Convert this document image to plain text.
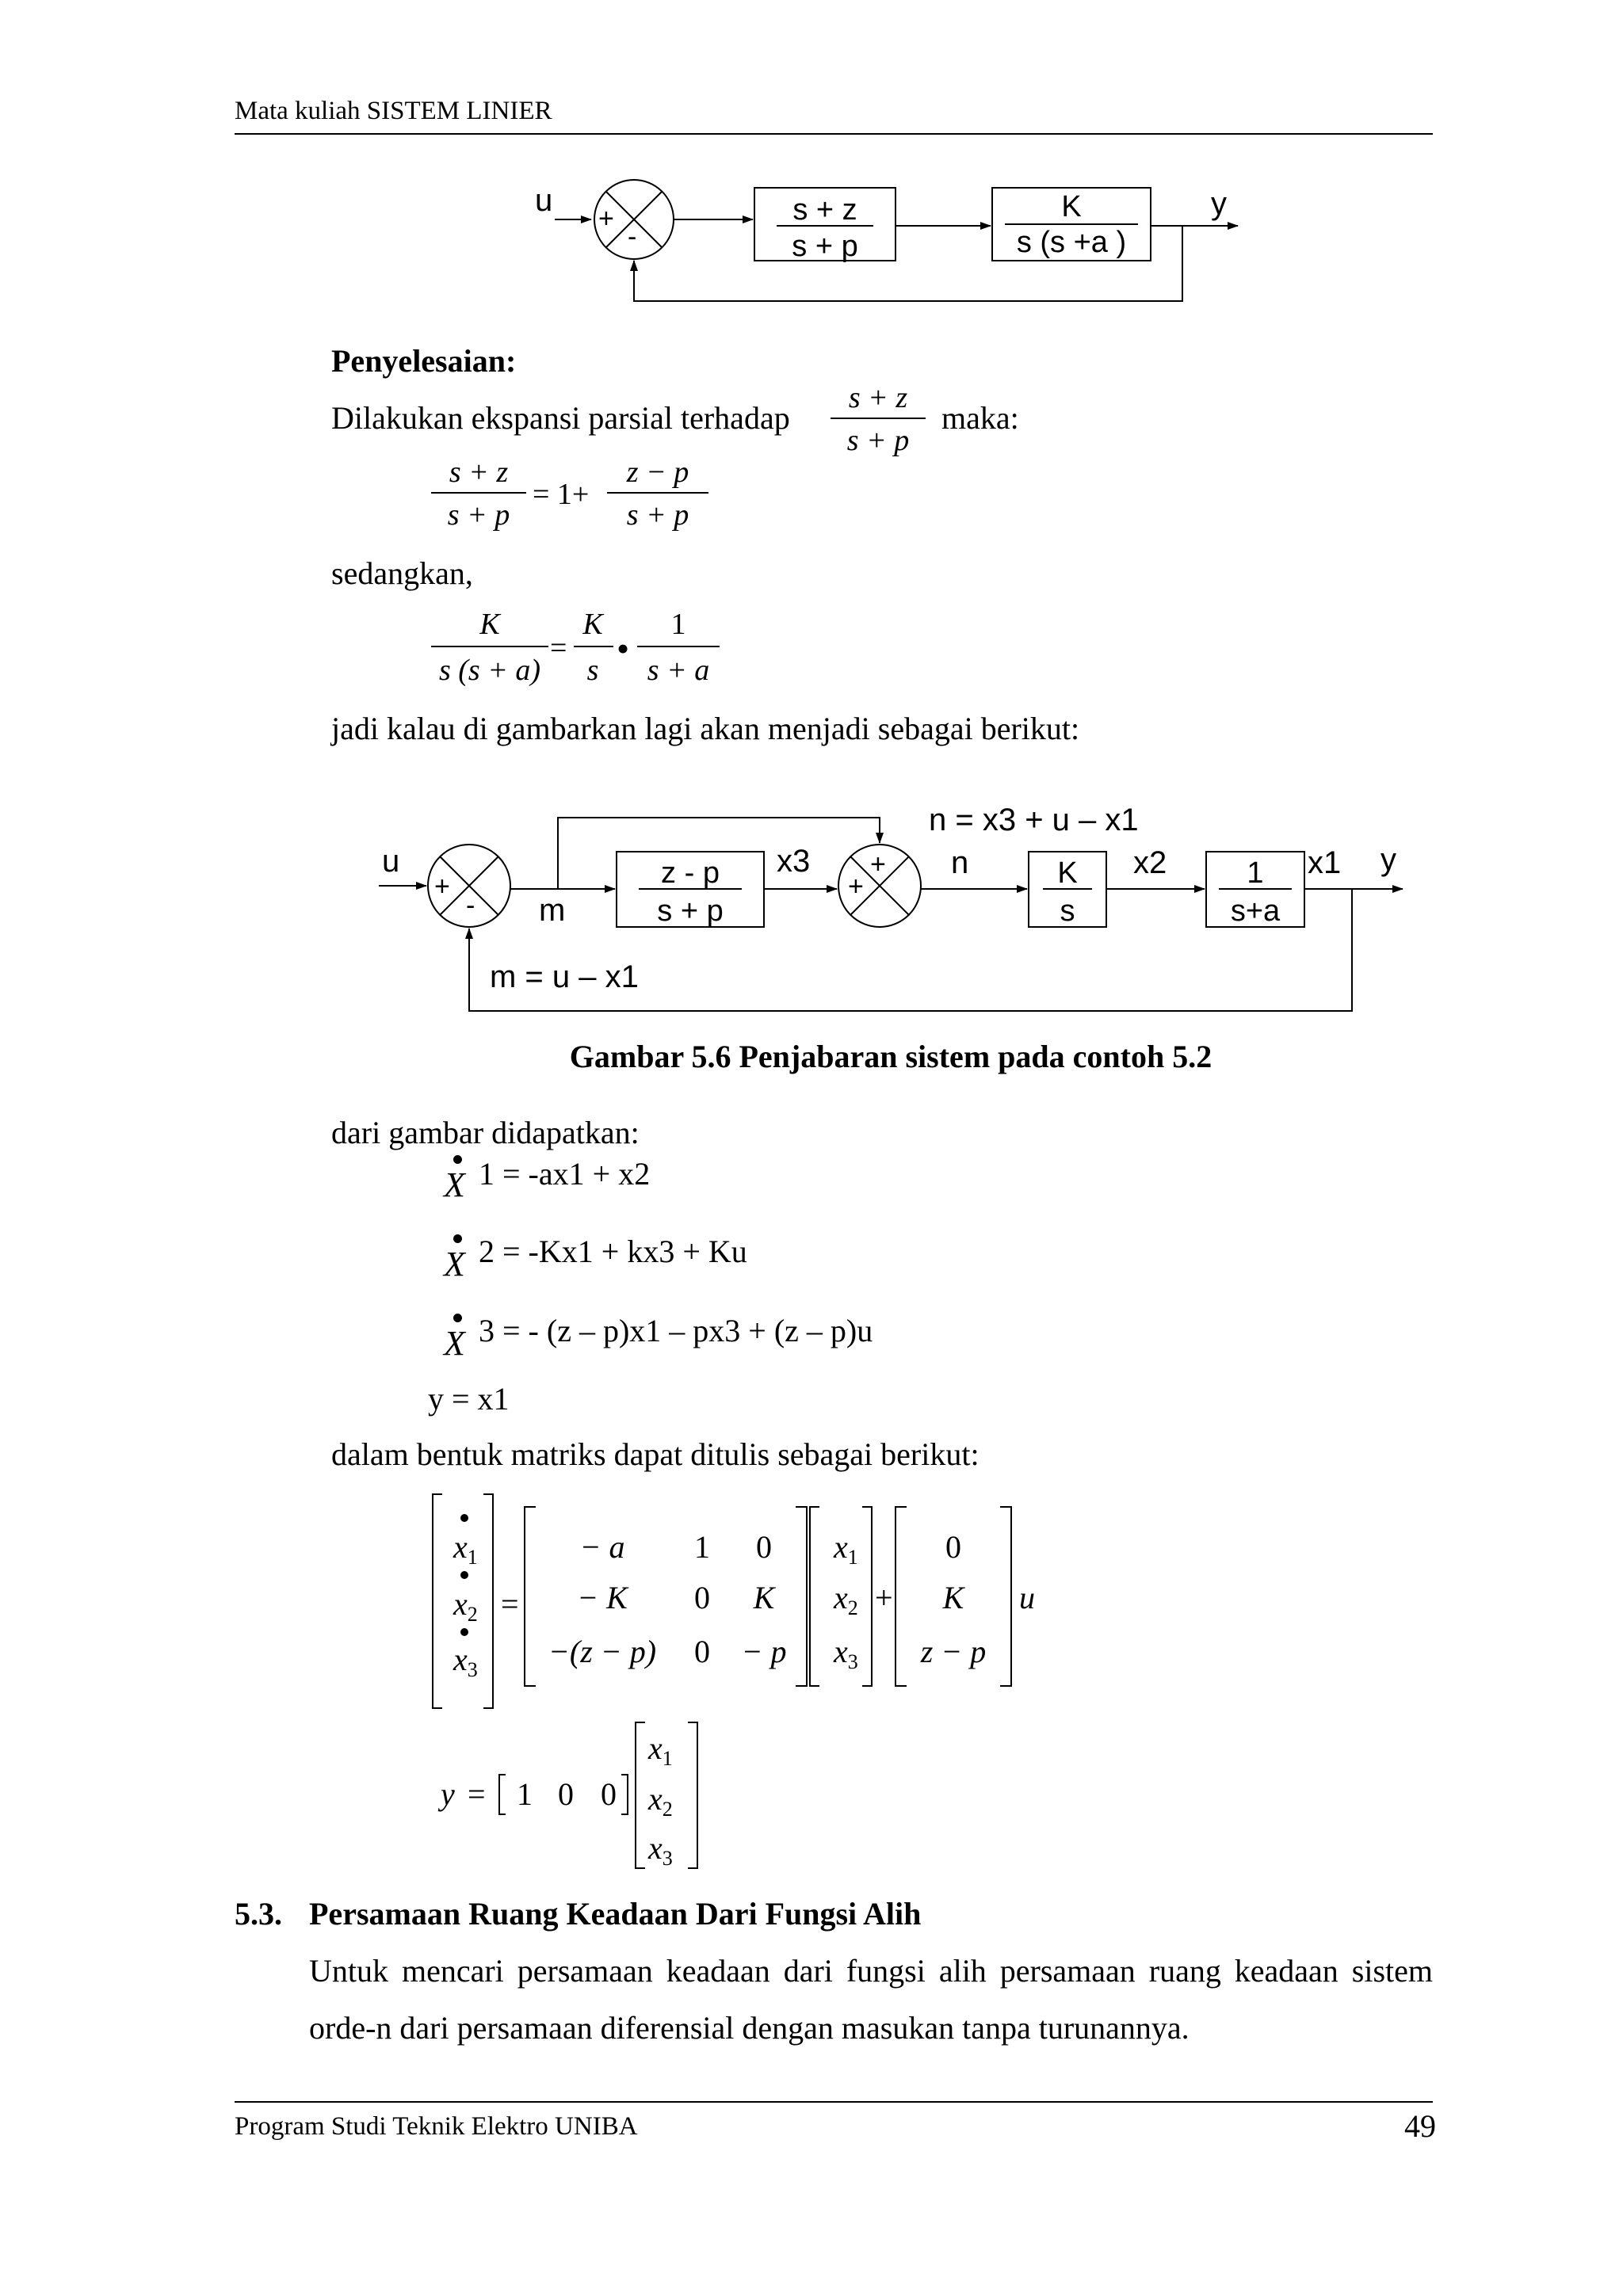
Mata kuliah SISTEM LINIER
u
+
-
s + z
s + p
K
s (s +a )
y
Penyelesaian:
Dilakukan ekspansi parsial terhadap
s + z
s + p
maka:
s + z
s + p
= 1+
z − p
s + p
sedangkan,
K
s (s + a)
=
K
s
•
1
s + a
jadi kalau di gambarkan lagi akan menjadi sebagai berikut:
u
+
- m
z - p
s + p
x3 +
+
n = x3 + u – x1
n	K
s
x2	1
s+a
x1 y
m = u – x1
Gambar 5.6 Penjabaran sistem pada contoh 5.2
dari gambar didapatkan:
X 1 = -ax1 + x2
X 2 = -Kx1 + kx3 + Ku
X 3 = - (z – p)x1 – px3 + (z – p)u
y = x1
dalam bentuk matriks dapat ditulis sebagai berikut:
$x_1$
$x_2$
$x_3$
=
− a 1 0
− K 0 K
−(z − p) 0 − p
$x_1$
$x_2$
$x_3$
+
0
K
z − p
u
y = 1 0 0
$x_1$
$x_2$
$x_3$
5.3. Persamaan Ruang Keadaan Dari Fungsi Alih
Untuk mencari persamaan keadaan dari fungsi alih persamaan ruang keadaan sistem
orde-n dari persamaan diferensial dengan masukan tanpa turunannya.
Program Studi Teknik Elektro UNIBA	49
